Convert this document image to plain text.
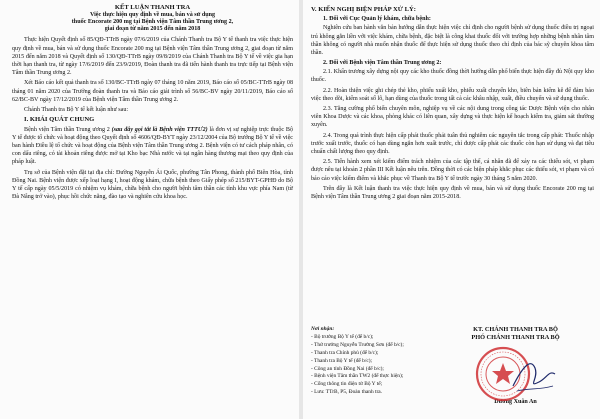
KẾT LUẬN THANH TRA
Việc thực hiện quy định về mua, bán và sử dụng
thuốc Encorate 200 mg tại Bệnh viện Tâm thần Trung ương 2,
giai đoạn từ năm 2015 đến năm 2018

Thực hiện Quyết định số 85/QĐ-TTrB ngày 07/6/2019 của Chánh Thanh tra Bộ Y tế thanh tra việc thực hiện quy định về mua, bán và sử dụng thuốc Encorate 200 mg tại Bệnh viện Tâm thần Trung ương 2, giai đoạn từ năm 2015 đến năm 2018 và Quyết định số 130/QĐ-TTrB ngày 09/8/2019 của Chánh Thanh tra Bộ Y tế về việc gia hạn thời hạn thanh tra, từ ngày 17/6/2019 đến 23/9/2019, Đoàn thanh tra đã tiến hành thanh tra trực tiếp tại Bệnh viện Tâm thần Trung ương 2.

Xét Báo cáo kết quả thanh tra số 130/BC-TTrB ngày 07 tháng 10 năm 2019, Báo cáo số 05/BC-TTrB ngày 08 tháng 01 năm 2020 của Trưởng đoàn thanh tra và Báo cáo giải trình số 56/BC-BV ngày 20/11/2019, Báo cáo số 62/BC-BV ngày 17/12/2019 của Bệnh viện Tâm thần Trung ương 2.

Chánh Thanh tra Bộ Y tế kết luận như sau:

I. KHÁI QUÁT CHUNG

Bệnh viện Tâm thần Trung ương 2 (sau đây gọi tắt là Bệnh viện TTTƯ2) là đơn vị sự nghiệp trực thuộc Bộ Y tế được tổ chức và hoạt động theo Quyết định số 4606/QĐ-BYT ngày 23/12/2004 của Bộ trưởng Bộ Y tế về việc ban hành Điều lệ tổ chức và hoạt động của Bệnh viện Tâm thần Trung ương 2. Bệnh viện có tư cách pháp nhân, có con dấu riêng, có tài khoản riêng được mở tại Kho bạc Nhà nước và tại ngân hàng thương mại theo quy định của pháp luật.

Trụ sở của Bệnh viện đặt tại địa chỉ: Đường Nguyễn Ái Quốc, phường Tân Phong, thành phố Biên Hòa, tỉnh Đồng Nai. Bệnh viện được xếp loại hạng I, hoạt động khám, chữa bệnh theo Giấy phép số 215/BYT-GPHĐ do Bộ Y tế cấp ngày 05/5/2019 có nhiệm vụ khám, chữa bệnh cho người bệnh tâm thần các tỉnh khu vực phía Nam (từ Đà Nẵng trở vào), phục hồi chức năng, đào tạo và nghiên cứu khoa học.

V. KIẾN NGHỊ BIỆN PHÁP XỬ LÝ:
1. Đối với Cục Quản lý khám, chữa bệnh:

Nghiên cứu ban hành văn bản hướng dẫn thực hiện việc chỉ định cho người bệnh sử dụng thuốc điều trị ngoại trú không gắn liền với việc khám, chữa bệnh, đặc biệt là công khai thuốc đối với trường hợp những bệnh nhân tâm thần không có người nhà muốn nhận thuốc để thực hiện sử dụng thuốc theo chỉ định của bác sỹ chuyên khoa tâm thần.

2. Đối với Bệnh viện Tâm thần Trung ương 2:

2.1. Khẩn trương xây dựng nội quy các kho thuốc đồng thời hướng dẫn phổ biến thực hiện đầy đủ Nội quy kho thuốc.

2.2. Hoàn thiện việc ghi chép thẻ kho, phiếu xuất kho, phiếu xuất chuyển kho, biên bản kiểm kê để đảm bảo việc theo dõi, kiểm soát số lô, hạn dùng của thuốc trong tất cả các khâu nhập, xuất, điều chuyển và sử dụng thuốc.

2.3. Tăng cường phổ biến chuyên môn, nghiệp vụ về các nội dung trong công tác Dược Bệnh viện cho nhân viên Khoa Dược và các khoa, phòng khác có liên quan, xây dựng và thực hiện kế hoạch kiểm tra, giám sát thường xuyên.

2.4. Trong quá trình thực hiện cấp phát thuốc phải tuân thủ nghiêm các nguyên tắc trong cấp phát: Thuốc nhập trước xuất trước, thuốc có hạn dùng ngắn hơn xuất trước, chỉ được cấp phát các thuốc còn hạn sử dụng và đạt tiêu chuẩn chất lượng theo quy định.

2.5. Tiến hành xem xét kiểm điểm trách nhiệm của các tập thể, cá nhân đã để xảy ra các thiếu sót, vi phạm được nêu tại khoản 2 phần III Kết luận nêu trên. Đồng thời có các biện pháp khắc phục các thiếu sót, vi phạm và có báo cáo việc kiểm điểm và khắc phục về Thanh tra Bộ Y tế trước ngày 30 tháng 5 năm 2020.

Trên đây là Kết luận thanh tra việc thực hiện quy định về mua, bán và sử dụng thuốc Encorate 200 mg tại Bệnh viện Tâm thần Trung ương 2 giai đoạn năm 2015-2018.

Nơi nhận:
- Bộ trưởng Bộ Y tế (để b/c);
- Thứ trưởng Nguyễn Trường Sơn (để b/c);
- Thanh tra Chính phủ (để b/c);
- Thanh tra Bộ Y tế (để b/c);
- Công an tỉnh Đồng Nai (để b/c);
- Bệnh viện Tâm thần TW2 (để thực hiện);
- Cổng thông tin điện tử Bộ Y tế;
- Lưu: TTrB, P5, Đoàn thanh tra.
KT. CHÁNH THANH TRA BỘ
PHÓ CHÁNH THANH TRA BỘ
Dương Xuân An
